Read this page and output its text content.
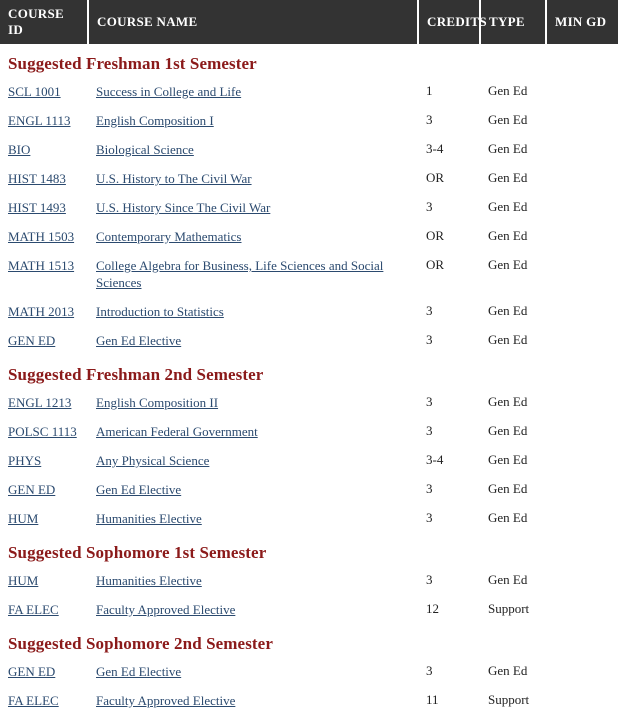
COURSE ID	COURSE NAME	CREDITS	TYPE	MIN GD

Suggested Freshman 1st Semester				

SCL 1001	Success in College and Life	1	Gen Ed	
ENGL 1113	English Composition I	3	Gen Ed	
BIO	Biological Science	3-4	Gen Ed	
HIST 1483	U.S. History to The Civil War	OR	Gen Ed	
HIST 1493	U.S. History Since The Civil War	3	Gen Ed	
MATH 1503	Contemporary Mathematics	OR	Gen Ed	
MATH 1513	College Algebra for Business, Life Sciences and Social Sciences	OR	Gen Ed	
MATH 2013	Introduction to Statistics	3	Gen Ed	
GEN ED	Gen Ed Elective	3	Gen Ed	

Suggested Freshman 2nd Semester				

ENGL 1213	English Composition II	3	Gen Ed	
POLSC 1113	American Federal Government	3	Gen Ed	
PHYS	Any Physical Science	3-4	Gen Ed	
GEN ED	Gen Ed Elective	3	Gen Ed	
HUM	Humanities Elective	3	Gen Ed	

Suggested Sophomore 1st Semester				

HUM	Humanities Elective	3	Gen Ed	
FA ELEC	Faculty Approved Elective	12	Support	

Suggested Sophomore 2nd Semester				

GEN ED	Gen Ed Elective	3	Gen Ed	
FA ELEC	Faculty Approved Elective	11	Support	
